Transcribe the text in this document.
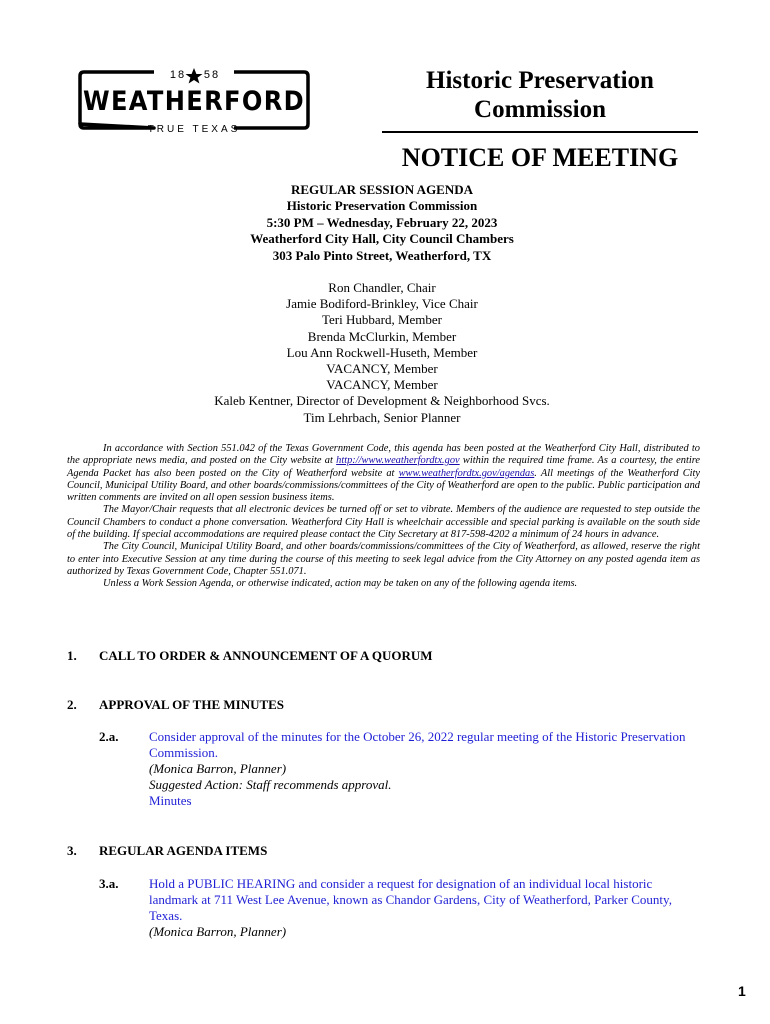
18 58
WEATHERFORD
TRUE TEXAS
Historic Preservation
Commission
NOTICE OF MEETING
REGULAR SESSION AGENDA
Historic Preservation Commission
5:30 PM – Wednesday, February 22, 2023
Weatherford City Hall, City Council Chambers
303 Palo Pinto Street, Weatherford, TX
Ron Chandler, Chair
Jamie Bodiford-Brinkley, Vice Chair
Teri Hubbard, Member
Brenda McClurkin, Member
Lou Ann Rockwell-Huseth, Member
VACANCY, Member
VACANCY, Member
Kaleb Kentner, Director of Development & Neighborhood Svcs.
Tim Lehrbach, Senior Planner

In accordance with Section 551.042 of the Texas Government Code, this agenda has been posted at the Weatherford City Hall, distributed to the appropriate news media, and posted on the City website at http://www.weatherfordtx.gov within the required time frame. As a courtesy, the entire Agenda Packet has also been posted on the City of Weatherford website at www.weatherfordtx.gov/agendas. All meetings of the Weatherford City Council, Municipal Utility Board, and other boards/commissions/committees of the City of Weatherford are open to the public. Public participation and written comments are invited on all open session business items.

The Mayor/Chair requests that all electronic devices be turned off or set to vibrate. Members of the audience are requested to step outside the Council Chambers to conduct a phone conversation. Weatherford City Hall is wheelchair accessible and special parking is available on the south side of the building. If special accommodations are required please contact the City Secretary at 817-598-4202 a minimum of 24 hours in advance.

The City Council, Municipal Utility Board, and other boards/commissions/committees of the City of Weatherford, as allowed, reserve the right to enter into Executive Session at any time during the course of this meeting to seek legal advice from the City Attorney on any posted agenda item as authorized by Texas Government Code, Chapter 551.071.

Unless a Work Session Agenda, or otherwise indicated, action may be taken on any of the following agenda items.

1. CALL TO ORDER & ANNOUNCEMENT OF A QUORUM
2. APPROVAL OF THE MINUTES
2.a. Consider approval of the minutes for the October 26, 2022 regular meeting of the Historic Preservation Commission.
(Monica Barron, Planner)
Suggested Action: Staff recommends approval.
Minutes
3. REGULAR AGENDA ITEMS
3.a. Hold a PUBLIC HEARING and consider a request for designation of an individual local historic landmark at 711 West Lee Avenue, known as Chandor Gardens, City of Weatherford, Parker County, Texas.
(Monica Barron, Planner)
1
